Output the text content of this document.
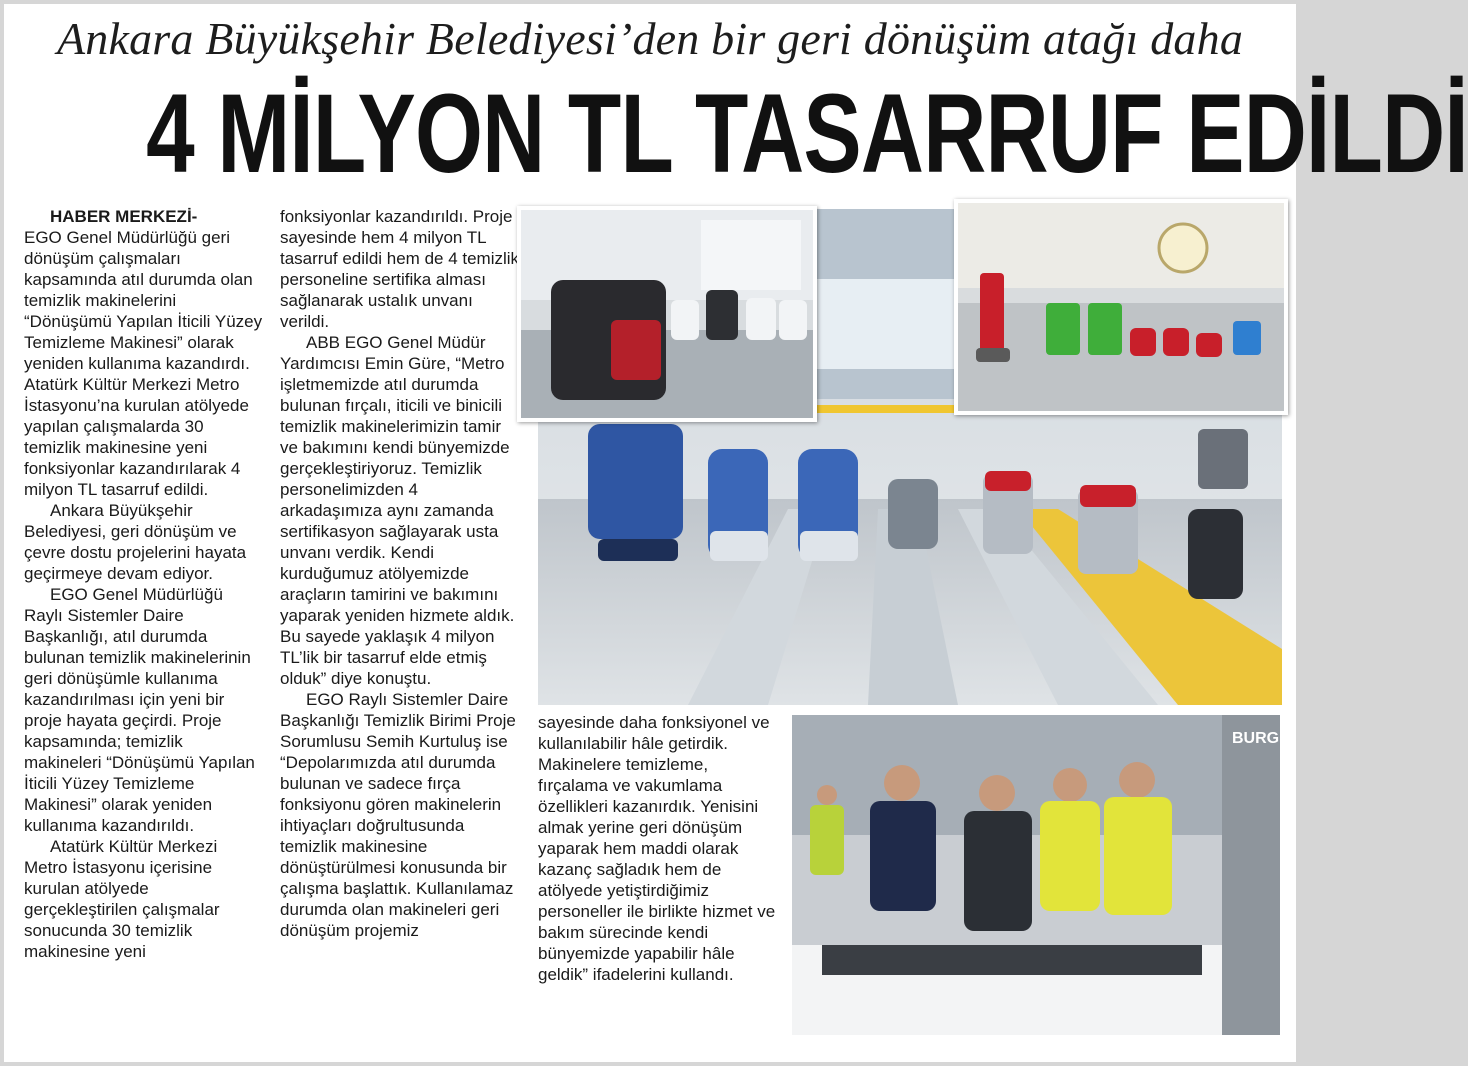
Ankara Büyükşehir Belediyesi’den bir geri dönüşüm atağı daha
4 MİLYON TL TASARRUF EDİLDİ

HABER MERKEZİ-

EGO Genel Müdürlüğü geri dönüşüm çalışmaları kapsamında atıl durumda olan temizlik makinelerini “Dönüşümü Yapılan İticili Yüzey Temizleme Makinesi” olarak yeniden kullanıma kazandırdı. Atatürk Kültür Merkezi Metro İstasyonu’na kurulan atölyede yapılan çalışmalarda 30 temizlik makinesine yeni fonksiyonlar kazandırılarak 4 milyon TL tasarruf edildi.

Ankara Büyükşehir Belediyesi, geri dönüşüm ve çevre dostu projelerini hayata geçirmeye devam ediyor.

EGO Genel Müdürlüğü Raylı Sistemler Daire Başkanlığı, atıl durumda bulunan temizlik makinelerinin geri dönüşümle kullanıma kazandırılması için yeni bir proje hayata geçirdi. Proje kapsamında; temizlik makineleri “Dönüşümü Yapılan İticili Yüzey Temizleme Makinesi” olarak yeniden kullanıma kazandırıldı.

Atatürk Kültür Merkezi Metro İstasyonu içerisine kurulan atölyede gerçekleştirilen çalışmalar sonucunda 30 temizlik makinesine yeni

fonksiyonlar kazandırıldı. Proje sayesinde hem 4 milyon TL tasarruf edildi hem de 4 temizlik personeline sertifika alması sağlanarak ustalık unvanı verildi.

ABB EGO Genel Müdür Yardımcısı Emin Güre, “Metro işletmemizde atıl durumda bulunan fırçalı, iticili ve binicili temizlik makinelerimizin tamir ve bakımını kendi bünyemizde gerçekleştiriyoruz. Temizlik personelimizden 4 arkadaşımıza aynı zamanda sertifikasyon sağlayarak usta unvanı verdik. Kendi kurduğumuz atölyemizde araçların tamirini ve bakımını yaparak yeniden hizmete aldık. Bu sayede yaklaşık 4 milyon TL’lik bir tasarruf elde etmiş olduk” diye konuştu.

EGO Raylı Sistemler Daire Başkanlığı Temizlik Birimi Proje Sorumlusu Semih Kurtuluş ise “Depolarımızda atıl durumda bulunan ve sadece fırça fonksiyonu gören makinelerin ihtiyaçları doğrultusunda temizlik makinesine dönüştürülmesi konusunda bir çalışma başlattık. Kullanılamaz durumda olan makineleri geri dönüşüm projemiz

sayesinde daha fonksiyonel ve kullanılabilir hâle getirdik. Makinelere temizleme, fırçalama ve vakumlama özellikleri kazanırdık. Yenisini almak yerine geri dönüşüm yaparak hem maddi olarak kazanç sağladık hem de atölyede yetiştirdiğimiz personeller ile birlikte hizmet ve bakım sürecinde kendi bünyemizde yapabilir hâle geldik” ifadelerini kullandı.

BURG
